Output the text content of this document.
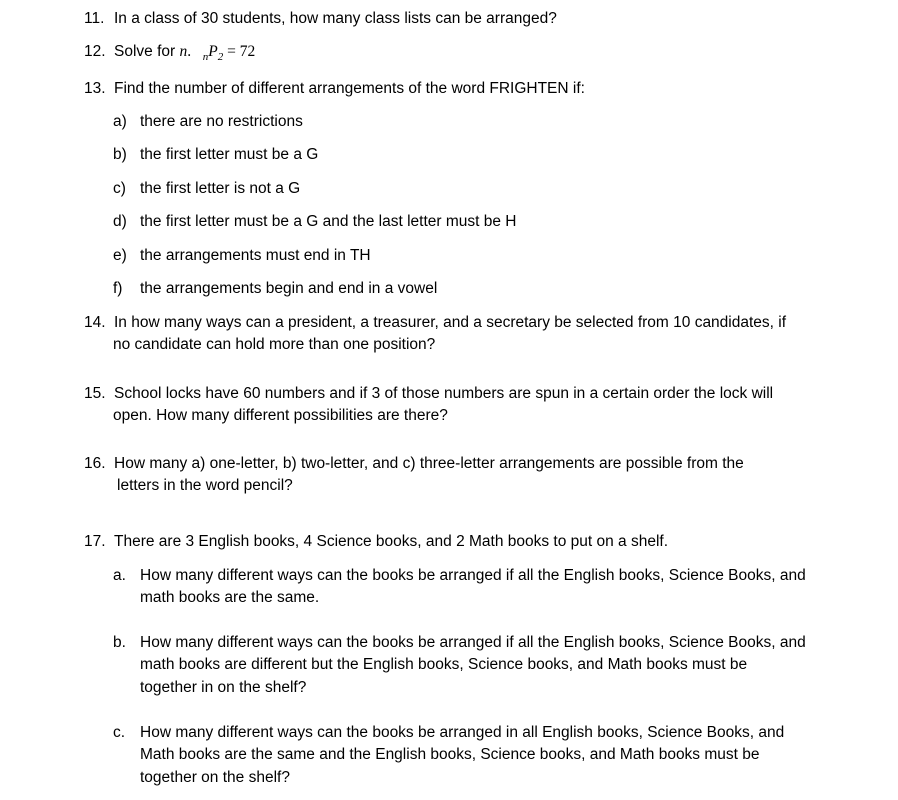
11. In a class of 30 students, how many class lists can be arranged?
12. Solve for n. $_nP_2 = 72$
13. Find the number of different arrangements of the word FRIGHTEN if:
a) there are no restrictions
b) the first letter must be a G
c) the first letter is not a G
d) the first letter must be a G and the last letter must be H
e) the arrangements must end in TH
f) the arrangements begin and end in a vowel
14. In how many ways can a president, a treasurer, and a secretary be selected from 10 candidates, if
no candidate can hold more than one position?
15. School locks have 60 numbers and if 3 of those numbers are spun in a certain order the lock will
open. How many different possibilities are there?
16. How many a) one-letter, b) two-letter, and c) three-letter arrangements are possible from the
letters in the word pencil?
17. There are 3 English books, 4 Science books, and 2 Math books to put on a shelf.
a. How many different ways can the books be arranged if all the English books, Science Books, and
math books are the same.
b. How many different ways can the books be arranged if all the English books, Science Books, and
math books are different but the English books, Science books, and Math books must be
together in on the shelf?
c. How many different ways can the books be arranged in all English books, Science Books, and
Math books are the same and the English books, Science books, and Math books must be
together on the shelf?
